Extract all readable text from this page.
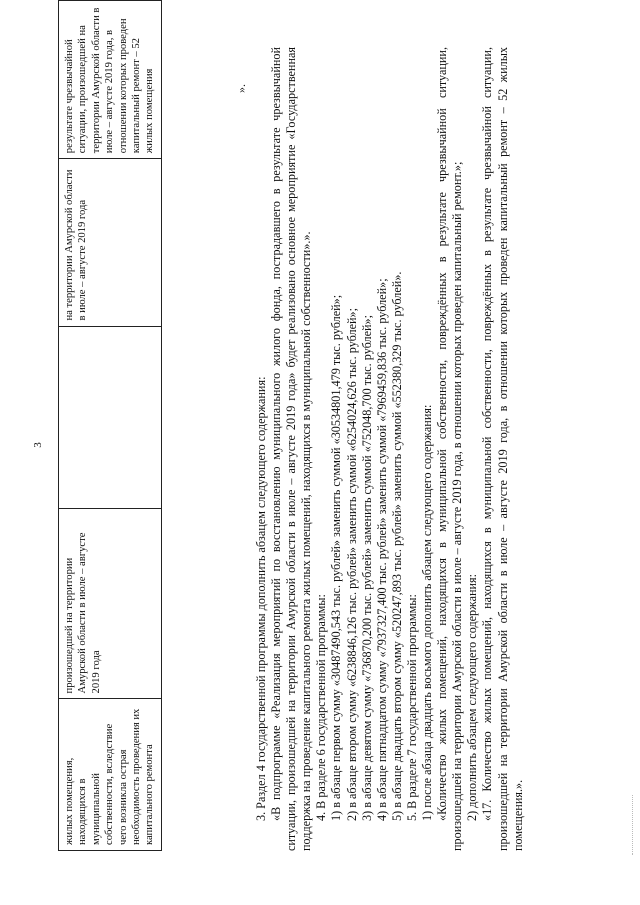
3
жилых помещения, находящихся в муниципальной собственности, вследствие чего возникла острая необходимость проведения их капитального ремонта	произошедшей на территории Амурской области в июле – августе 2019 года		на территории Амурской области в июле – августе 2019 года	результате чрезвычайной ситуации, произошедшей на территории Амурской области в июле – августе 2019 года, в отношении которых проведен капитальный ремонт – 52 жилых помещения	».

3. Раздел 4 государственной программы дополнить абзацем следующего содержания: «В подпрограмме «Реализация мероприятий по восстановлению муниципального жилого фонда, пострадавшего в результате чрезвычайной ситуации, произошедшей на территории Амурской области в июле – августе 2019 года» будет реализовано основное мероприятие «Государственная поддержка на проведение капитального ремонта жилых помещений, находящихся в муниципальной собственности».». 4. В разделе 6 государственной программы: 1) в абзаце первом сумму «30487490,543 тыс. рублей» заменить суммой «30534801,479 тыс. рублей»; 2) в абзаце втором сумму «6238846,126 тыс. рублей» заменить суммой «6254024,626 тыс. рублей»; 3) в абзаце девятом сумму «736870,200 тыс. рублей» заменить суммой «752048,700 тыс. рублей»; 4) в абзаце пятнадцатом сумму «7937327,400 тыс. рублей» заменить суммой «7969459,836 тыс. рублей»; 5) в абзаце двадцать втором сумму «520247,893 тыс. рублей» заменить суммой «552380,329 тыс. рублей». 5. В разделе 7 государственной программы: 1) после абзаца двадцать восьмого дополнить абзацем следующего содержания: «Количество жилых помещений, находящихся в муниципальной собственности, повреждённых в результате чрезвычайной ситуации, произошедшей на территории Амурской области в июле – августе 2019 года, в отношении которых проведен капитальный ремонт.»; 2) дополнить абзацем следующего содержания: «17. Количество жилых помещений, находящихся в муниципальной собственности, повреждённых в результате чрезвычайной ситуации, произошедшей на территории Амурской области в июле – августе 2019 года, в отношении которых проведен капитальный ремонт – 52 жилых помещения.».
